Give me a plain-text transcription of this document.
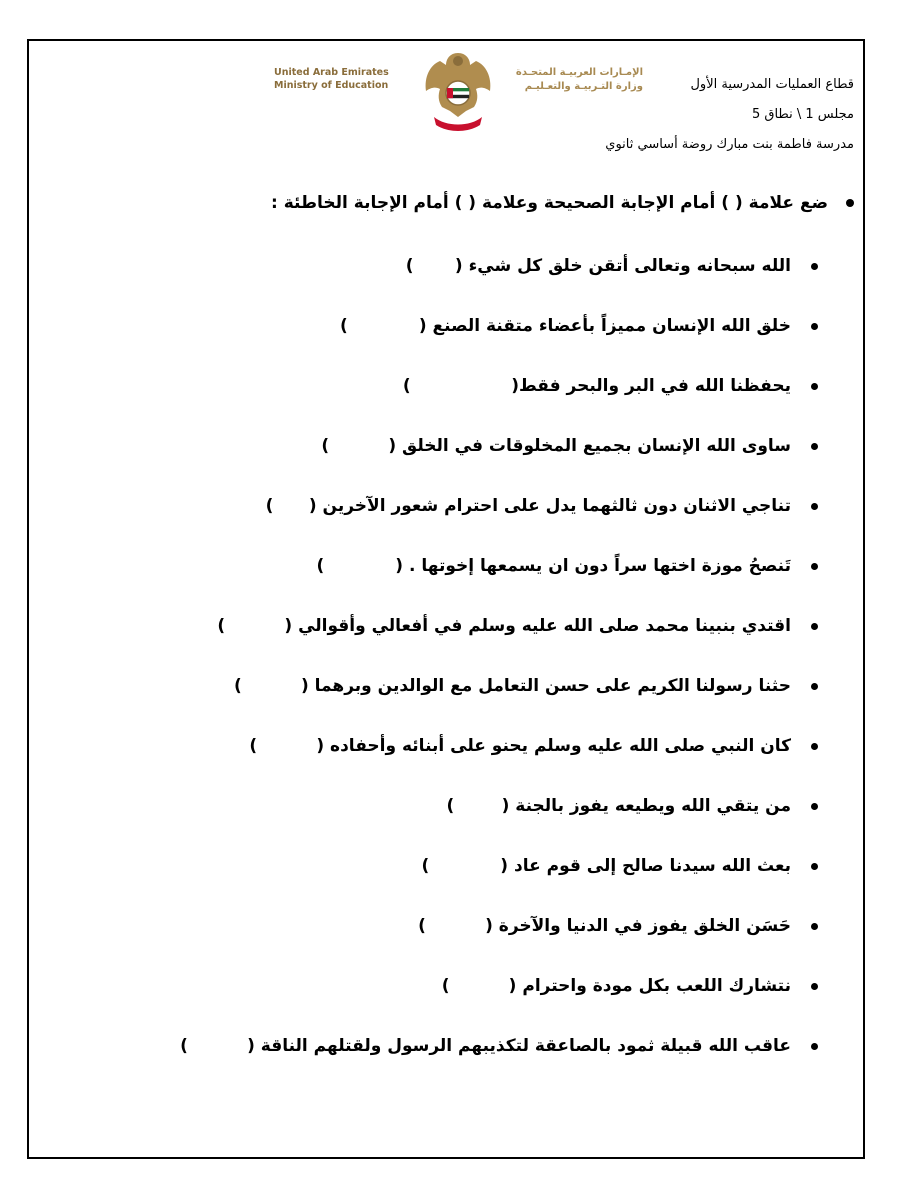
قطاع العمليات المدرسية الأول
مجلس 1 \ نطاق 5
مدرسة فاطمة بنت مبارك روضة أساسي ثانوي
الإمـارات العربيـة المتحـدة
وزارة التـربيـة والتعـليـم
United Arab Emirates
Ministry of Education
ضع علامة ( ) أمام الإجابة الصحيحة وعلامة ( ) أمام الإجابة الخاطئة :
الله سبحانه وتعالى أتقن خلق كل شيء (       )
خلق الله الإنسان مميزاً بأعضاء متقنة الصنع (            )
يحفظنا الله في البر والبحر فقط(                 )
ساوى الله الإنسان بجميع المخلوقات في الخلق (          )
تناجي الاثنان دون ثالثهما يدل على احترام شعور الآخرين (      )
تَنصحُ موزة اختها سراً دون ان يسمعها إخوتها . (            )
اقتدي بنبينا محمد صلى الله عليه وسلم في أفعالي وأقوالي (          )
حثنا رسولنا الكريم على حسن التعامل مع الوالدين وبرهما (          )
كان النبي صلى الله عليه وسلم يحنو على أبنائه وأحفاده (          )
من يتقي الله ويطيعه يفوز بالجنة (        )
بعث الله سيدنا صالح إلى قوم عاد (            )
حَسَن الخلق يفوز في الدنيا والآخرة (          )
نتشارك اللعب بكل مودة واحترام (          )
عاقب الله قبيلة ثمود بالصاعقة لتكذيبهم الرسول ولقتلهم الناقة (          )
